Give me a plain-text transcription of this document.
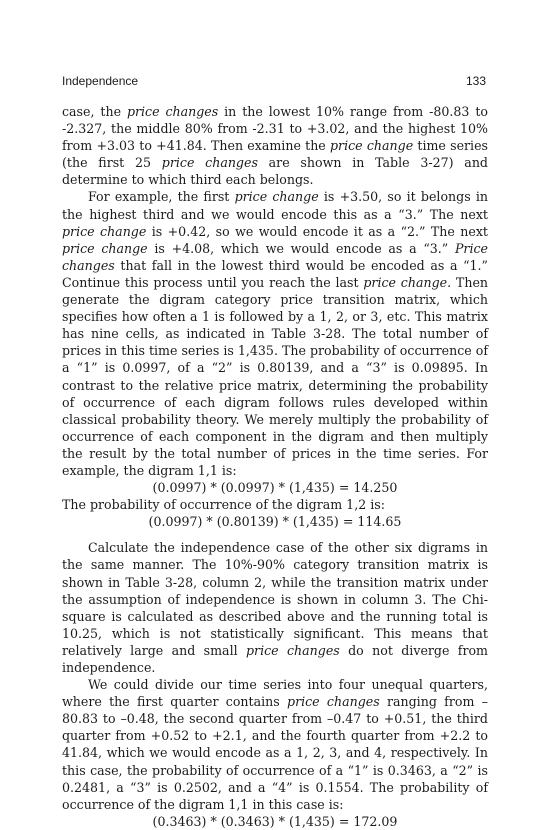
Independence	133

case, the price changes in the lowest 10% range from -80.83 to -2.327, the middle 80% from -2.31 to +3.02, and the highest 10% from +3.03 to +41.84. Then examine the price change time series (the first 25 price changes are shown in Table 3-27) and determine to which third each belongs.

For example, the first price change is +3.50, so it belongs in the highest third and we would encode this as a “3.” The next price change is +0.42, so we would encode it as a “2.” The next price change is +4.08, which we would encode as a “3.” Price changes that fall in the lowest third would be encoded as a “1.” Continue this process until you reach the last price change. Then generate the digram category price transition matrix, which specifies how often a 1 is followed by a 1, 2, or 3, etc. This matrix has nine cells, as indicated in Table 3-28. The total number of prices in this time series is 1,435. The probability of occurrence of a “1” is 0.0997, of a “2” is 0.80139, and a “3” is 0.09895. In contrast to the relative price matrix, determining the probability of occurrence of each digram follows rules developed within classical probability theory. We merely multiply the probability of occurrence of each component in the digram and then multiply the result by the total number of prices in the time series. For example, the digram 1,1 is:

(0.0997) * (0.0997) * (1,435) = 14.250

The probability of occurrence of the digram 1,2 is:

(0.0997) * (0.80139) * (1,435) = 114.65

Calculate the independence case of the other six digrams in the same manner. The 10%-90% category transition matrix is shown in Table 3-28, column 2, while the transition matrix under the assumption of independence is shown in column 3. The Chi-square is calculated as described above and the running total is 10.25, which is not statistically significant. This means that relatively large and small price changes do not diverge from independence.

We could divide our time series into four unequal quarters, where the first quarter contains price changes ranging from –80.83 to –0.48, the second quarter from –0.47 to +0.51, the third quarter from +0.52 to +2.1, and the fourth quarter from +2.2 to 41.84, which we would encode as a 1, 2, 3, and 4, respectively. In this case, the probability of occurrence of a “1” is 0.3463, a “2” is 0.2481, a “3” is 0.2502, and a “4” is 0.1554. The probability of occurrence of the digram 1,1 in this case is:

(0.3463) * (0.3463) * (1,435) = 172.09
